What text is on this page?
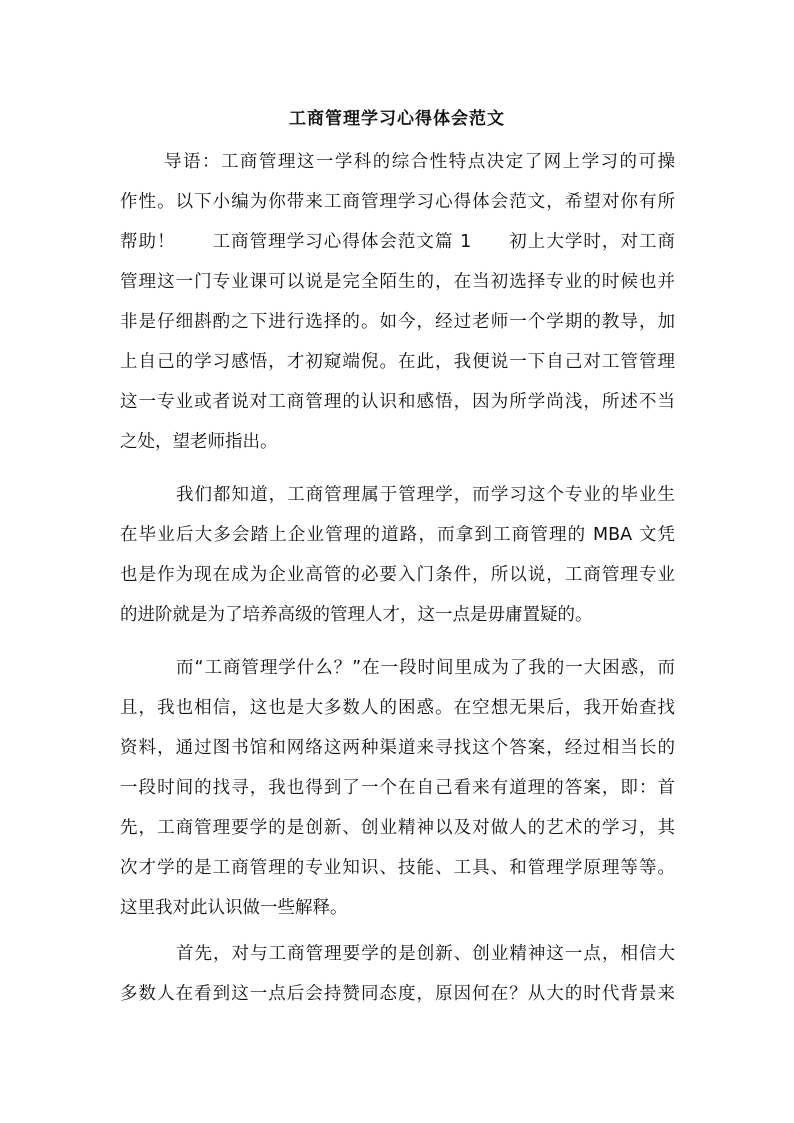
工商管理学习心得体会范文
导语：工商管理这一学科的综合性特点决定了网上学习的可操
作性。以下小编为你带来工商管理学习心得体会范文，希望对你有所
帮助！　　工商管理学习心得体会范文篇 1　　初上大学时，对工商
管理这一门专业课可以说是完全陌生的，在当初选择专业的时候也并
非是仔细斟酌之下进行选择的。如今，经过老师一个学期的教导，加
上自己的学习感悟，才初窥端倪。在此，我便说一下自己对工管管理
这一专业或者说对工商管理的认识和感悟，因为所学尚浅，所述不当
之处，望老师指出。
我们都知道，工商管理属于管理学，而学习这个专业的毕业生
在毕业后大多会踏上企业管理的道路，而拿到工商管理的 MBA 文凭
也是作为现在成为企业高管的必要入门条件，所以说，工商管理专业
的进阶就是为了培养高级的管理人才，这一点是毋庸置疑的。
而“工商管理学什么？”在一段时间里成为了我的一大困惑，而
且，我也相信，这也是大多数人的困惑。在空想无果后，我开始查找
资料，通过图书馆和网络这两种渠道来寻找这个答案，经过相当长的
一段时间的找寻，我也得到了一个在自己看来有道理的答案，即：首
先，工商管理要学的是创新、创业精神以及对做人的艺术的学习，其
次才学的是工商管理的专业知识、技能、工具、和管理学原理等等。
这里我对此认识做一些解释。
首先，对与工商管理要学的是创新、创业精神这一点，相信大
多数人在看到这一点后会持赞同态度，原因何在？从大的时代背景来
